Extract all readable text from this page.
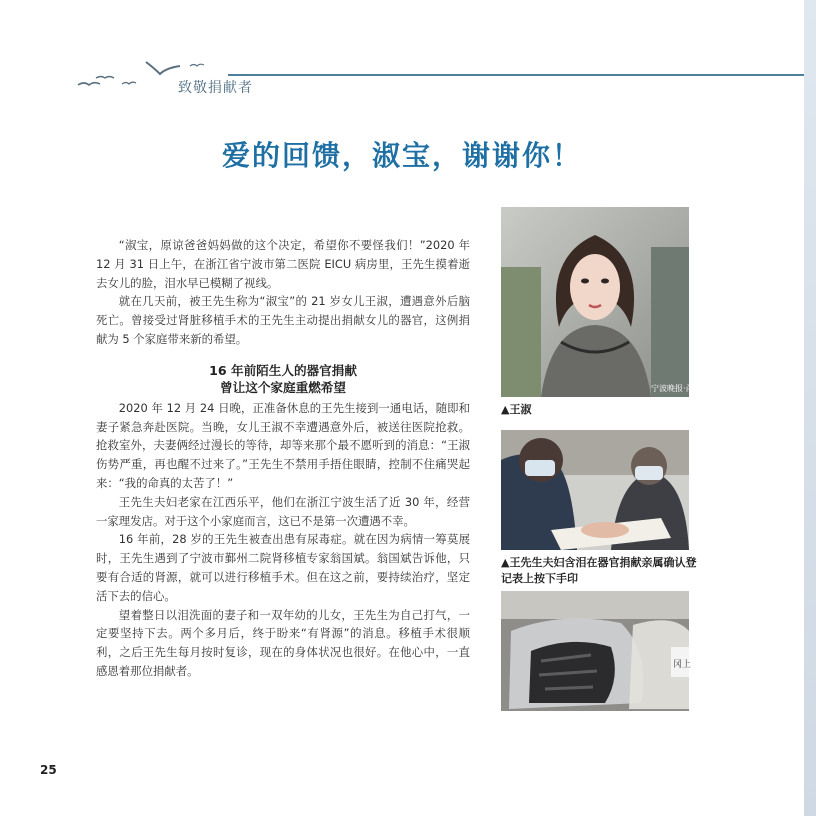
致敬捐献者
爱的回馈，淑宝，谢谢你！

“淑宝，原谅爸爸妈妈做的这个决定，希望你不要怪我们！”2020 年 12 月 31 日上午，在浙江省宁波市第二医院 EICU 病房里，王先生摸着逝去女儿的脸，泪水早已模糊了视线。

就在几天前，被王先生称为“淑宝”的 21 岁女儿王淑，遭遇意外后脑死亡。曾接受过肾脏移植手术的王先生主动提出捐献女儿的器官，这例捐献为 5 个家庭带来新的希望。

16 年前陌生人的器官捐献
曾让这个家庭重燃希望

2020 年 12 月 24 日晚，正准备休息的王先生接到一通电话，随即和妻子紧急奔赴医院。当晚，女儿王淑不幸遭遇意外后，被送往医院抢救。抢救室外，夫妻俩经过漫长的等待，却等来那个最不愿听到的消息：“王淑伤势严重，再也醒不过来了。”王先生不禁用手捂住眼睛，控制不住痛哭起来：“我的命真的太苦了！”

王先生夫妇老家在江西乐平，他们在浙江宁波生活了近 30 年，经营一家理发店。对于这个小家庭而言，这已不是第一次遭遇不幸。

16 年前，28 岁的王先生被查出患有尿毒症。就在因为病情一筹莫展时，王先生遇到了宁波市鄞州二院肾移植专家翁国斌。翁国斌告诉他，只要有合适的肾源，就可以进行移植手术。但在这之前，要持续治疗，坚定活下去的信心。

望着整日以泪洗面的妻子和一双年幼的儿女，王先生为自己打气，一定要坚持下去。两个多月后，终于盼来“有肾源”的消息。移植手术很顺利，之后王先生每月按时复诊，现在的身体状况也很好。在他心中，一直感恩着那位捐献者。

宁波晚报·甬上
▲王淑
▲王先生夫妇含泪在器官捐献亲属确认登记表上按下手印
冈上
25
